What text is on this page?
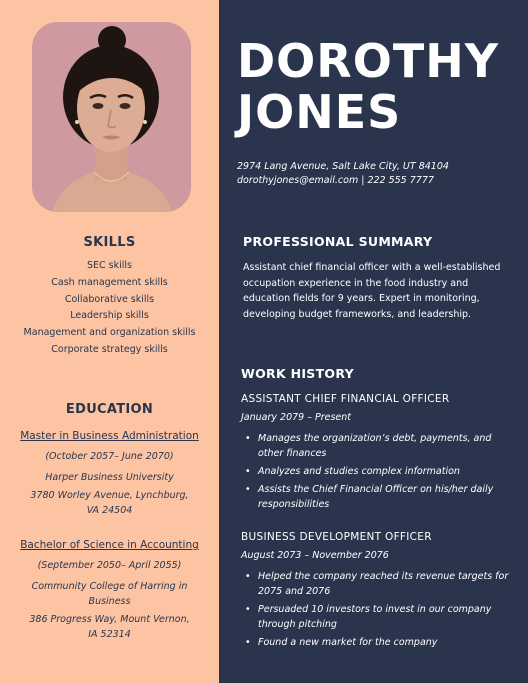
SKILLS
SEC skills
Cash management skills
Collaborative skills
Leadership skills
Management and organization skills
Corporate strategy skills
EDUCATION
Master in Business Administration
(October 2057– June 2070)
Harper Business University
3780 Worley Avenue, Lynchburg, VA 24504
Bachelor of Science in Accounting
(September 2050– April 2055)
Community College of Harring in Business
386 Progress Way, Mount Vernon, IA 52314
DOROTHY
JONES
2974 Lang Avenue, Salt Lake City, UT 84104
dorothyjones@email.com | 222 555 7777
PROFESSIONAL SUMMARY
Assistant chief financial officer with a well-established occupation experience in the food industry and education fields for 9 years. Expert in monitoring, developing budget frameworks, and leadership.
WORK HISTORY
ASSISTANT CHIEF FINANCIAL OFFICER
January 2079 – Present
• Manages the organization’s debt, payments, and other finances
• Analyzes and studies complex information
• Assists the Chief Financial Officer on his/her daily responsibilities
BUSINESS DEVELOPMENT OFFICER
August 2073 – November 2076
• Helped the company reached its revenue targets for 2075 and 2076
• Persuaded 10 investors to invest in our company through pitching
• Found a new market for the company
